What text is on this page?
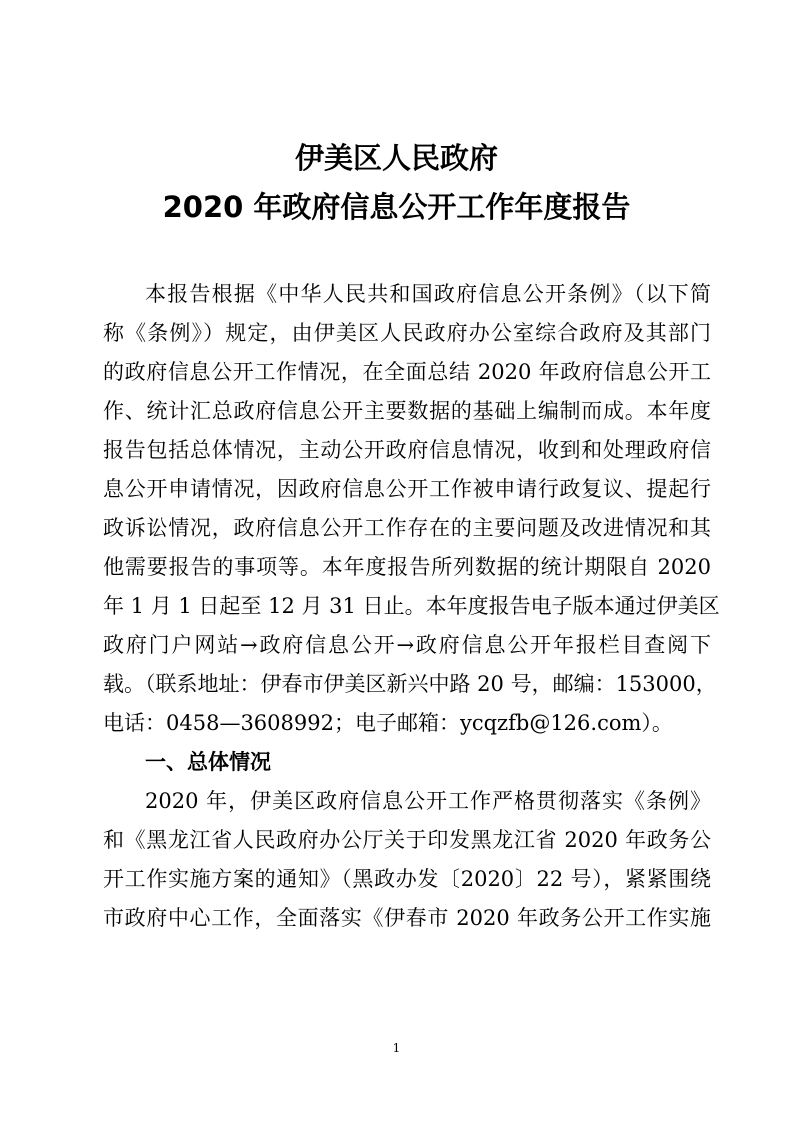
伊美区人民政府
2020 年政府信息公开工作年度报告
本报告根据《中华人民共和国政府信息公开条例》（以下简
称《条例》）规定，由伊美区人民政府办公室综合政府及其部门
的政府信息公开工作情况，在全面总结 2020 年政府信息公开工
作、统计汇总政府信息公开主要数据的基础上编制而成。本年度
报告包括总体情况，主动公开政府信息情况，收到和处理政府信
息公开申请情况，因政府信息公开工作被申请行政复议、提起行
政诉讼情况，政府信息公开工作存在的主要问题及改进情况和其
他需要报告的事项等。本年度报告所列数据的统计期限自 2020
年 1 月 1 日起至 12 月 31 日止。本年度报告电子版本通过伊美区
政府门户网站→政府信息公开→政府信息公开年报栏目查阅下
载。（联系地址：伊春市伊美区新兴中路 20 号，邮编：153000，
电话：0458—3608992；电子邮箱：ycqzfb@126.com）。
一、总体情况
2020 年，伊美区政府信息公开工作严格贯彻落实《条例》
和《黑龙江省人民政府办公厅关于印发黑龙江省 2020 年政务公
开工作实施方案的通知》（黑政办发〔2020〕22 号），紧紧围绕
市政府中心工作，全面落实《伊春市 2020 年政务公开工作实施
1
